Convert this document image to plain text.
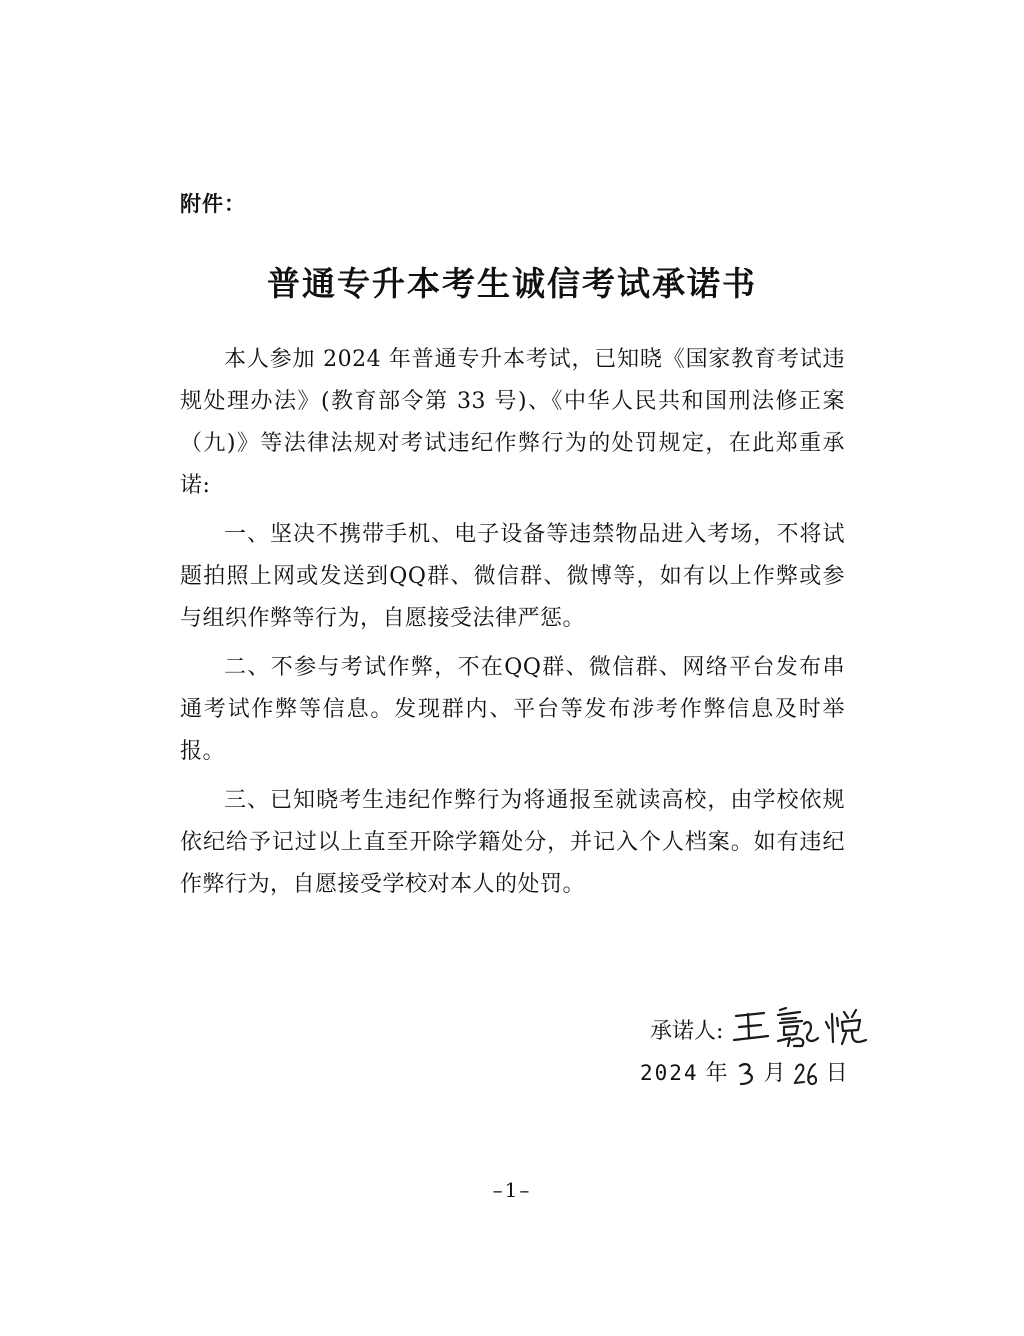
附件：
普通专升本考生诚信考试承诺书

本人参加 2024 年普通专升本考试，已知晓《国家教育考试违规处理办法》(教育部令第 33 号)、《中华人民共和国刑法修正案（九)》等法律法规对考试违纪作弊行为的处罚规定，在此郑重承诺:

一、坚决不携带手机、电子设备等违禁物品进入考场，不将试题拍照上网或发送到QQ群、微信群、微博等，如有以上作弊或参与组织作弊等行为，自愿接受法律严惩。

二、不参与考试作弊，不在QQ群、微信群、网络平台发布串通考试作弊等信息。发现群内、平台等发布涉考作弊信息及时举报。

三、已知晓考生违纪作弊行为将通报至就读高校，由学校依规依纪给予记过以上直至开除学籍处分，并记入个人档案。如有违纪作弊行为，自愿接受学校对本人的处罚。

承诺人:
2024 年 月 日
–1–
